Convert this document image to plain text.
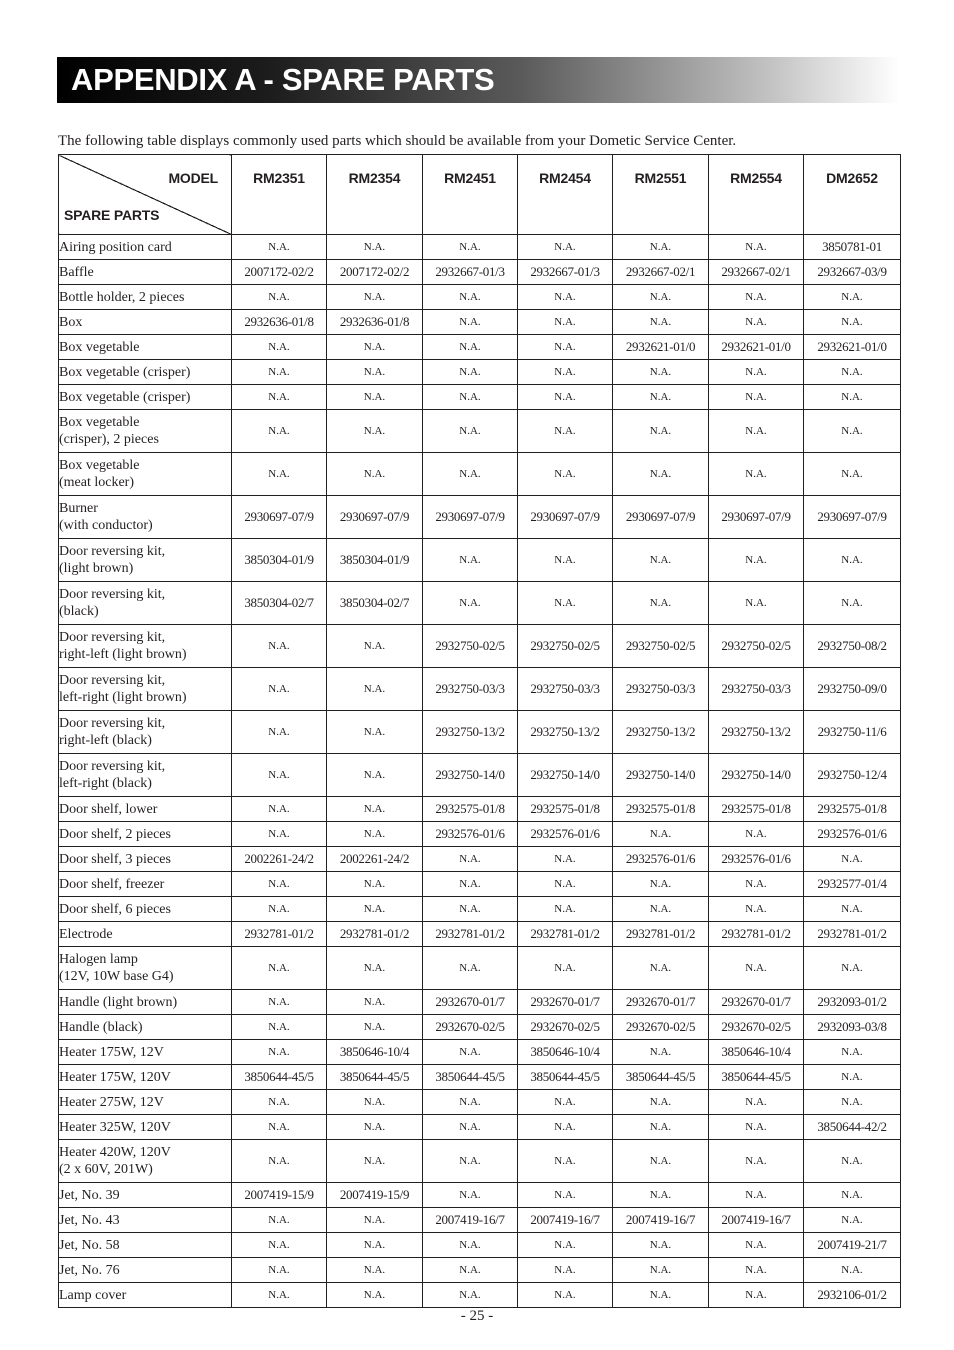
APPENDIX A - SPARE PARTS
The following table displays commonly used parts which should be available from your Dometic Service Center.
MODEL
SPARE PARTS	RM2351	RM2354	RM2451	RM2454	RM2551	RM2554	DM2652
Airing position card	N.A.	N.A.	N.A.	N.A.	N.A.	N.A.	3850781-01
Baffle	2007172-02/2	2007172-02/2	2932667-01/3	2932667-01/3	2932667-02/1	2932667-02/1	2932667-03/9
Bottle holder, 2 pieces	N.A.	N.A.	N.A.	N.A.	N.A.	N.A.	N.A.
Box	2932636-01/8	2932636-01/8	N.A.	N.A.	N.A.	N.A.	N.A.
Box vegetable	N.A.	N.A.	N.A.	N.A.	2932621-01/0	2932621-01/0	2932621-01/0
Box vegetable (crisper)	N.A.	N.A.	N.A.	N.A.	N.A.	N.A.	N.A.
Box vegetable (crisper)	N.A.	N.A.	N.A.	N.A.	N.A.	N.A.	N.A.
Box vegetable
(crisper), 2 pieces	N.A.	N.A.	N.A.	N.A.	N.A.	N.A.	N.A.
Box vegetable
(meat locker)	N.A.	N.A.	N.A.	N.A.	N.A.	N.A.	N.A.
Burner
(with conductor)	2930697-07/9	2930697-07/9	2930697-07/9	2930697-07/9	2930697-07/9	2930697-07/9	2930697-07/9
Door reversing kit,
(light brown)	3850304-01/9	3850304-01/9	N.A.	N.A.	N.A.	N.A.	N.A.
Door reversing kit,
(black)	3850304-02/7	3850304-02/7	N.A.	N.A.	N.A.	N.A.	N.A.
Door reversing kit,
right-left (light brown)	N.A.	N.A.	2932750-02/5	2932750-02/5	2932750-02/5	2932750-02/5	2932750-08/2
Door reversing kit,
left-right (light brown)	N.A.	N.A.	2932750-03/3	2932750-03/3	2932750-03/3	2932750-03/3	2932750-09/0
Door reversing kit,
right-left (black)	N.A.	N.A.	2932750-13/2	2932750-13/2	2932750-13/2	2932750-13/2	2932750-11/6
Door reversing kit,
left-right (black)	N.A.	N.A.	2932750-14/0	2932750-14/0	2932750-14/0	2932750-14/0	2932750-12/4
Door shelf, lower	N.A.	N.A.	2932575-01/8	2932575-01/8	2932575-01/8	2932575-01/8	2932575-01/8
Door shelf, 2 pieces	N.A.	N.A.	2932576-01/6	2932576-01/6	N.A.	N.A.	2932576-01/6
Door shelf, 3 pieces	2002261-24/2	2002261-24/2	N.A.	N.A.	2932576-01/6	2932576-01/6	N.A.
Door shelf, freezer	N.A.	N.A.	N.A.	N.A.	N.A.	N.A.	2932577-01/4
Door shelf, 6 pieces	N.A.	N.A.	N.A.	N.A.	N.A.	N.A.	N.A.
Electrode	2932781-01/2	2932781-01/2	2932781-01/2	2932781-01/2	2932781-01/2	2932781-01/2	2932781-01/2
Halogen lamp
(12V, 10W base G4)	N.A.	N.A.	N.A.	N.A.	N.A.	N.A.	N.A.
Handle (light brown)	N.A.	N.A.	2932670-01/7	2932670-01/7	2932670-01/7	2932670-01/7	2932093-01/2
Handle (black)	N.A.	N.A.	2932670-02/5	2932670-02/5	2932670-02/5	2932670-02/5	2932093-03/8
Heater 175W, 12V	N.A.	3850646-10/4	N.A.	3850646-10/4	N.A.	3850646-10/4	N.A.
Heater 175W, 120V	3850644-45/5	3850644-45/5	3850644-45/5	3850644-45/5	3850644-45/5	3850644-45/5	N.A.
Heater 275W, 12V	N.A.	N.A.	N.A.	N.A.	N.A.	N.A.	N.A.
Heater 325W, 120V	N.A.	N.A.	N.A.	N.A.	N.A.	N.A.	3850644-42/2
Heater 420W, 120V
(2 x 60V, 201W)	N.A.	N.A.	N.A.	N.A.	N.A.	N.A.	N.A.
Jet, No. 39	2007419-15/9	2007419-15/9	N.A.	N.A.	N.A.	N.A.	N.A.
Jet, No. 43	N.A.	N.A.	2007419-16/7	2007419-16/7	2007419-16/7	2007419-16/7	N.A.
Jet, No. 58	N.A.	N.A.	N.A.	N.A.	N.A.	N.A.	2007419-21/7
Jet, No. 76	N.A.	N.A.	N.A.	N.A.	N.A.	N.A.	N.A.
Lamp cover	N.A.	N.A.	N.A.	N.A.	N.A.	N.A.	2932106-01/2
- 25 -
